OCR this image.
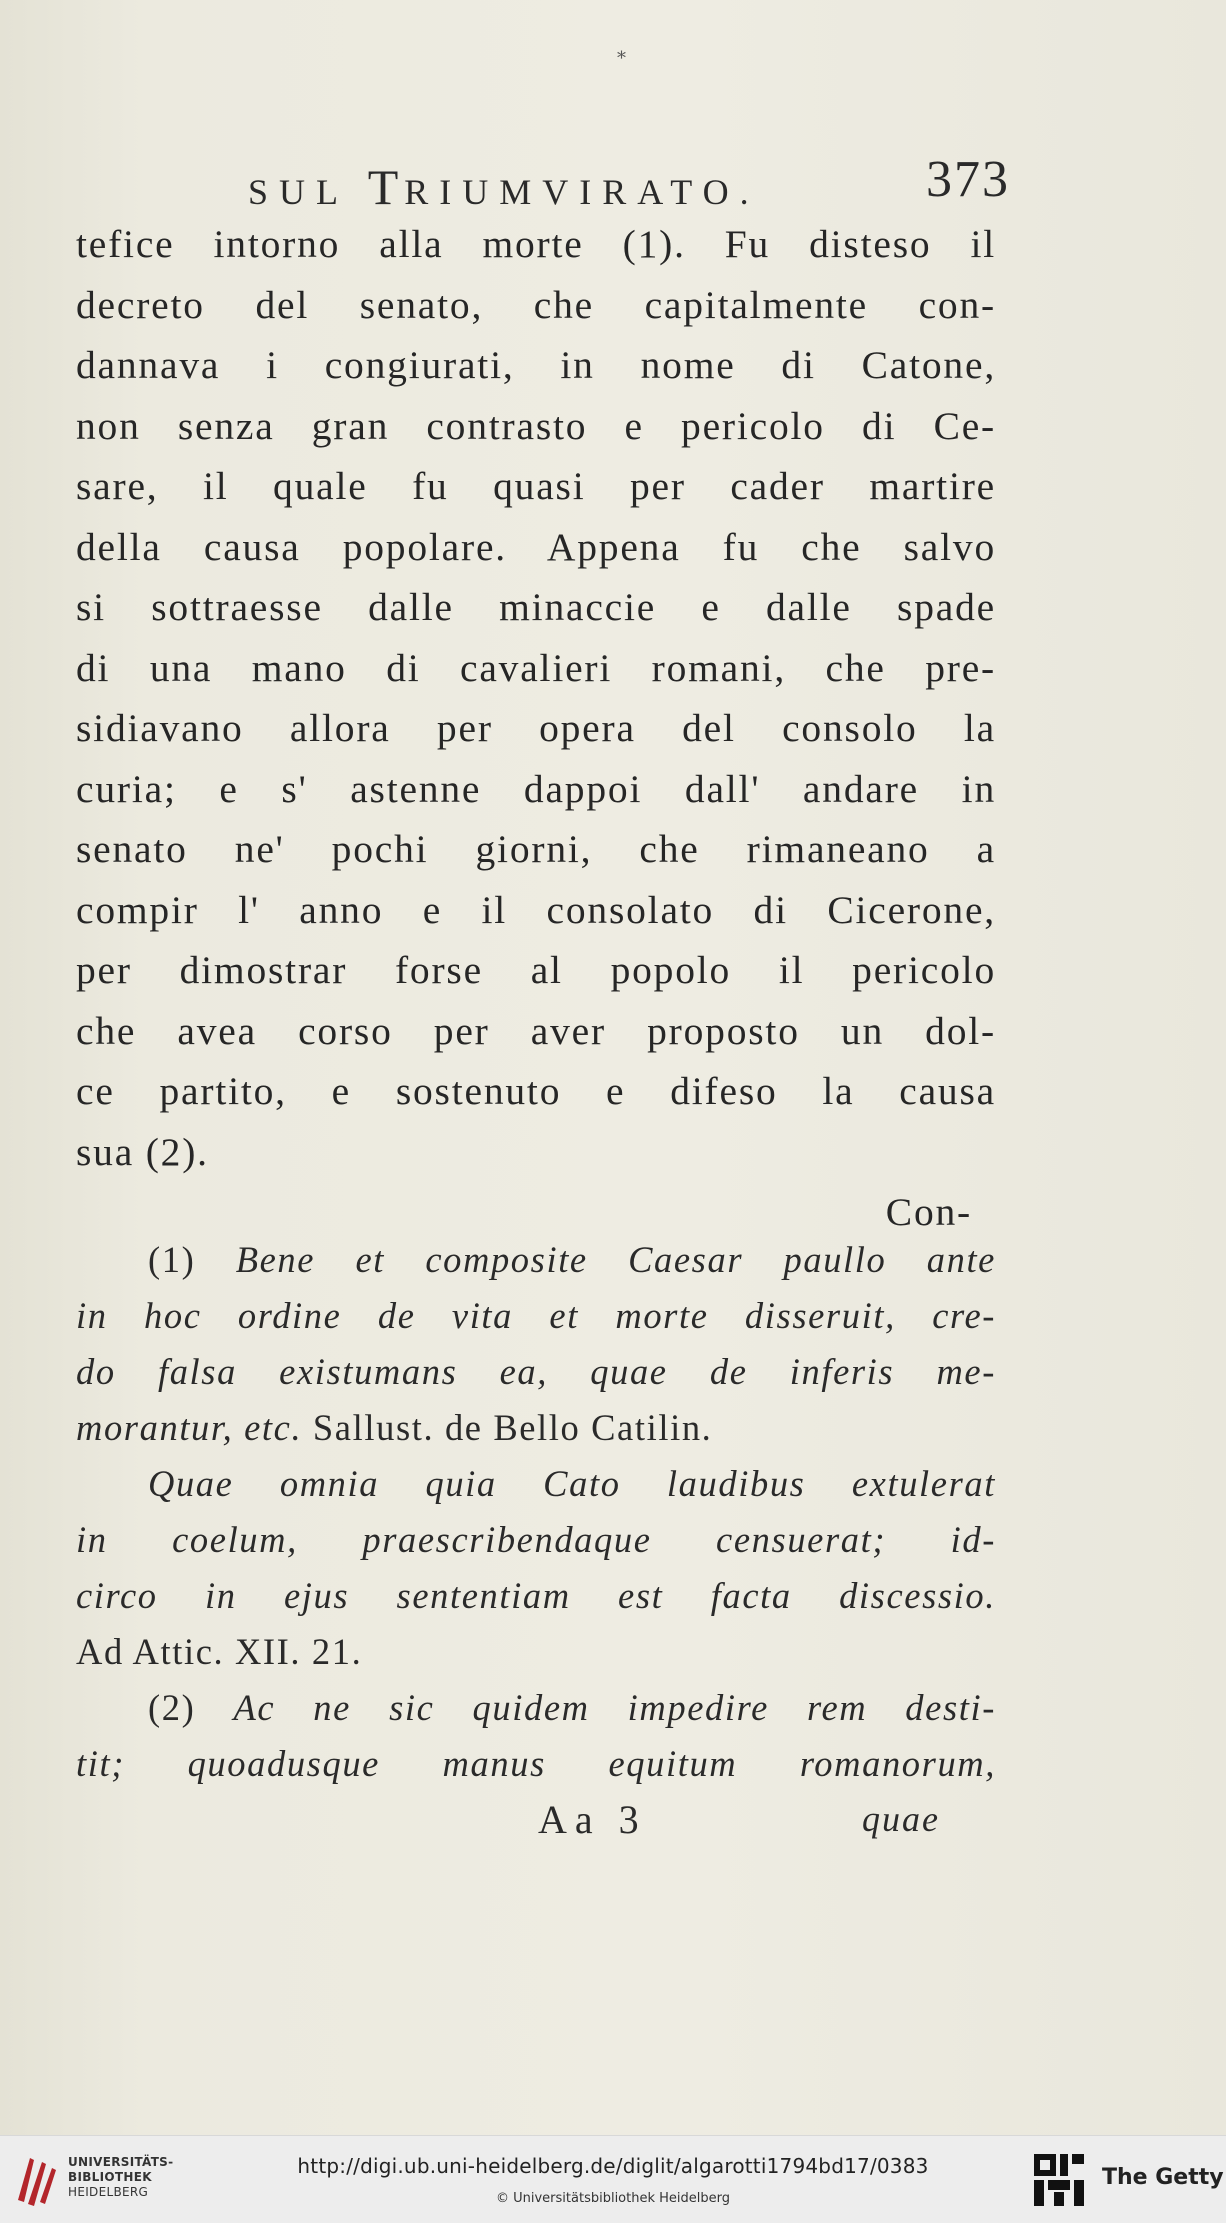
*
SUL TRIUMVIRATO.	373
tefice intorno alla morte (1). Fu disteso il
decreto del senato, che capitalmente con-
dannava i congiurati, in nome di Catone,
non senza gran contrasto e pericolo di Ce-
sare, il quale fu quasi per cader martire
della causa popolare. Appena fu che salvo
si sottraesse dalle minaccie e dalle spade
di una mano di cavalieri romani, che pre-
sidiavano allora per opera del consolo la
curia; e s' astenne dappoi dall' andare in
senato ne' pochi giorni, che rimaneano a
compir l' anno e il consolato di Cicerone,
per dimostrar forse al popolo il pericolo
che avea corso per aver proposto un dol-
ce partito, e sostenuto e difeso la causa
sua (2).
Con-
(1) Bene et composite Caesar paullo ante
in hoc ordine de vita et morte disseruit, cre-
do falsa existumans ea, quae de inferis me-
morantur, etc. Sallust. de Bello Catilin.
Quae omnia quia Cato laudibus extulerat
in coelum, praescribendaque censuerat; id-
circo in ejus sententiam est facta discessio.
Ad Attic. XII. 21.
(2) Ac ne sic quidem impedire rem desti-
tit; quoadusque manus equitum romanorum,
Aa 3	quae
UNIVERSITÄTS-
BIBLIOTHEK
HEIDELBERG
http://digi.ub.uni-heidelberg.de/diglit/algarotti1794bd17/0383
© Universitätsbibliothek Heidelberg
The Getty
